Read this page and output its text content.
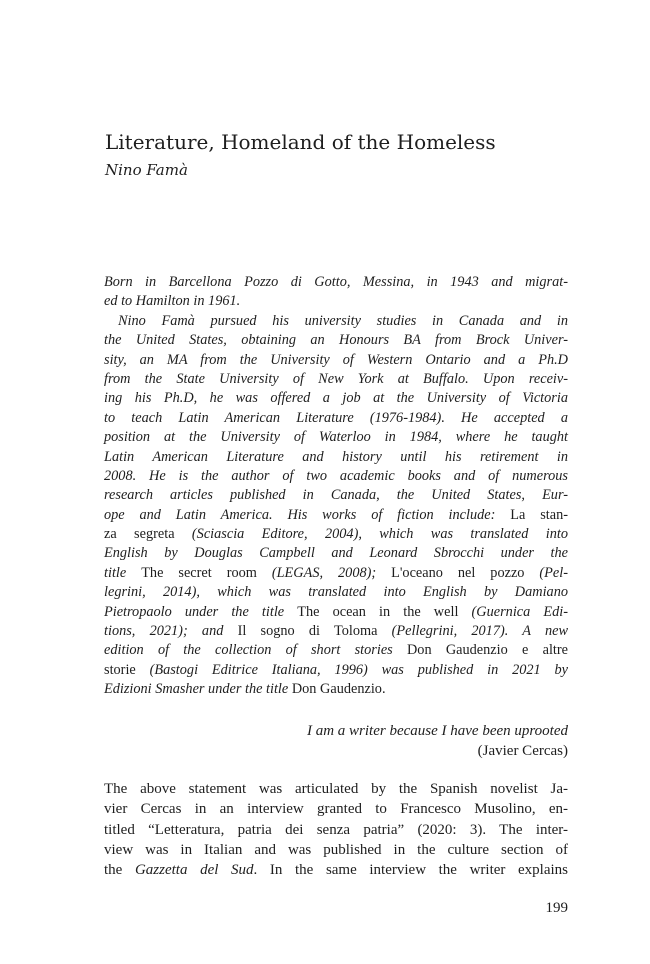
Literature, Homeland of the Homeless
Nino Famà
Born in Barcellona Pozzo di Gotto, Messina, in 1943 and migrat-
ed to Hamilton in 1961.
Nino Famà pursued his university studies in Canada and in
the United States, obtaining an Honours BA from Brock Univer-
sity, an MA from the University of Western Ontario and a Ph.D
from the State University of New York at Buffalo. Upon receiv-
ing his Ph.D, he was offered a job at the University of Victoria
to teach Latin American Literature (1976-1984). He accepted a
position at the University of Waterloo in 1984, where he taught
Latin American Literature and history until his retirement in
2008. He is the author of two academic books and of numerous
research articles published in Canada, the United States, Eur-
ope and Latin America. His works of fiction include: La stan-
za segreta (Sciascia Editore, 2004), which was translated into
English by Douglas Campbell and Leonard Sbrocchi under the
title The secret room (LEGAS, 2008); L'oceano nel pozzo (Pel-
legrini, 2014), which was translated into English by Damiano
Pietropaolo under the title The ocean in the well (Guernica Edi-
tions, 2021); and Il sogno di Toloma (Pellegrini, 2017). A new
edition of the collection of short stories Don Gaudenzio e altre
storie (Bastogi Editrice Italiana, 1996) was published in 2021 by
Edizioni Smasher under the title Don Gaudenzio.
I am a writer because I have been uprooted
(Javier Cercas)
The above statement was articulated by the Spanish novelist Ja-
vier Cercas in an interview granted to Francesco Musolino, en-
titled “Letteratura, patria dei senza patria” (2020: 3). The inter-
view was in Italian and was published in the culture section of
the Gazzetta del Sud. In the same interview the writer explains
199
